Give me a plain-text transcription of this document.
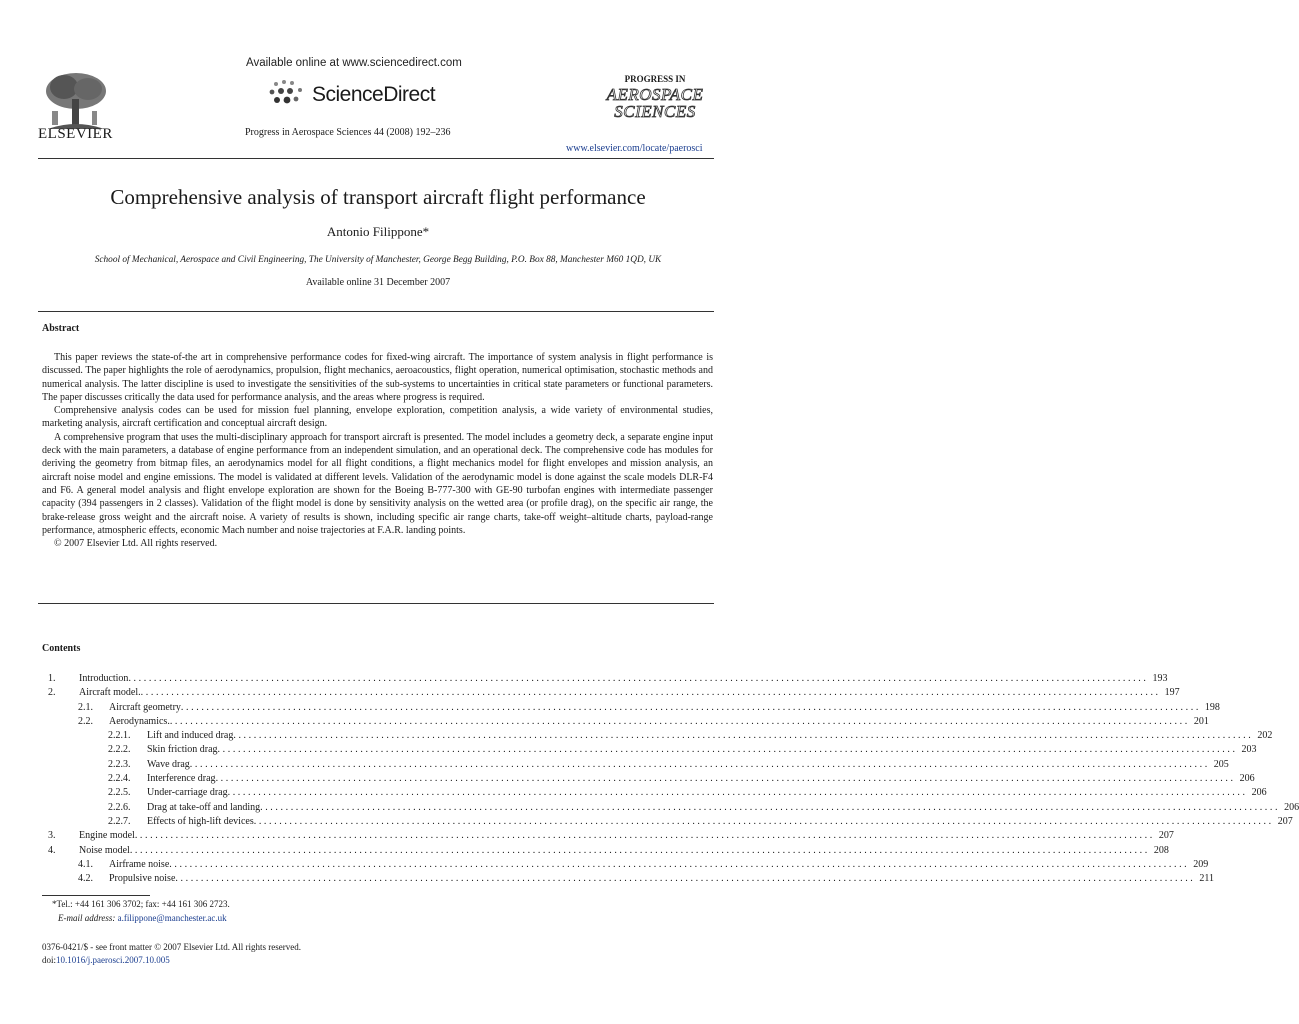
ELSEVIER
Available online at www.sciencedirect.com
ScienceDirect
Progress in Aerospace Sciences 44 (2008) 192–236
PROGRESS IN
AEROSPACE
SCIENCES
www.elsevier.com/locate/paerosci
Comprehensive analysis of transport aircraft flight performance
Antonio Filippone*
School of Mechanical, Aerospace and Civil Engineering, The University of Manchester, George Begg Building, P.O. Box 88, Manchester M60 1QD, UK
Available online 31 December 2007
Abstract

This paper reviews the state-of-the art in comprehensive performance codes for fixed-wing aircraft. The importance of system analysis in flight performance is discussed. The paper highlights the role of aerodynamics, propulsion, flight mechanics, aeroacoustics, flight operation, numerical optimisation, stochastic methods and numerical analysis. The latter discipline is used to investigate the sensitivities of the sub-systems to uncertainties in critical state parameters or functional parameters. The paper discusses critically the data used for performance analysis, and the areas where progress is required.

Comprehensive analysis codes can be used for mission fuel planning, envelope exploration, competition analysis, a wide variety of environmental studies, marketing analysis, aircraft certification and conceptual aircraft design.

A comprehensive program that uses the multi-disciplinary approach for transport aircraft is presented. The model includes a geometry deck, a separate engine input deck with the main parameters, a database of engine performance from an independent simulation, and an operational deck. The comprehensive code has modules for deriving the geometry from bitmap files, an aerodynamics model for all flight conditions, a flight mechanics model for flight envelopes and mission analysis, an aircraft noise model and engine emissions. The model is validated at different levels. Validation of the aerodynamic model is done against the scale models DLR-F4 and F6. A general model analysis and flight envelope exploration are shown for the Boeing B-777-300 with GE-90 turbofan engines with intermediate passenger capacity (394 passengers in 2 classes). Validation of the flight model is done by sensitivity analysis on the wetted area (or profile drag), on the specific air range, the brake-release gross weight and the aircraft noise. A variety of results is shown, including specific air range charts, take-off weight–altitude charts, payload-range performance, atmospheric effects, economic Mach number and noise trajectories at F.A.R. landing points.

© 2007 Elsevier Ltd. All rights reserved.

Contents
1.	Introduction ........................................................................................................................................................................................................ 193
2.	Aircraft model. ........................................................................................................................................................................................................ 197
2.1.	Aircraft geometry ........................................................................................................................................................................................................ 198
2.2.	Aerodynamics. ........................................................................................................................................................................................................ 201
2.2.1.	Lift and induced drag ........................................................................................................................................................................................................ 202
2.2.2.	Skin friction drag ........................................................................................................................................................................................................ 203
2.2.3.	Wave drag ........................................................................................................................................................................................................ 205
2.2.4.	Interference drag ........................................................................................................................................................................................................ 206
2.2.5.	Under-carriage drag ........................................................................................................................................................................................................ 206
2.2.6.	Drag at take-off and landing ........................................................................................................................................................................................................ 206
2.2.7.	Effects of high-lift devices ........................................................................................................................................................................................................ 207
3.	Engine model ........................................................................................................................................................................................................ 207
4.	Noise model ........................................................................................................................................................................................................ 208
4.1.	Airframe noise ........................................................................................................................................................................................................ 209
4.2.	Propulsive noise ........................................................................................................................................................................................................ 211
*Tel.: +44 161 306 3702; fax: +44 161 306 2723.
E-mail address: a.filippone@manchester.ac.uk
0376-0421/$ - see front matter © 2007 Elsevier Ltd. All rights reserved.
doi:10.1016/j.paerosci.2007.10.005
